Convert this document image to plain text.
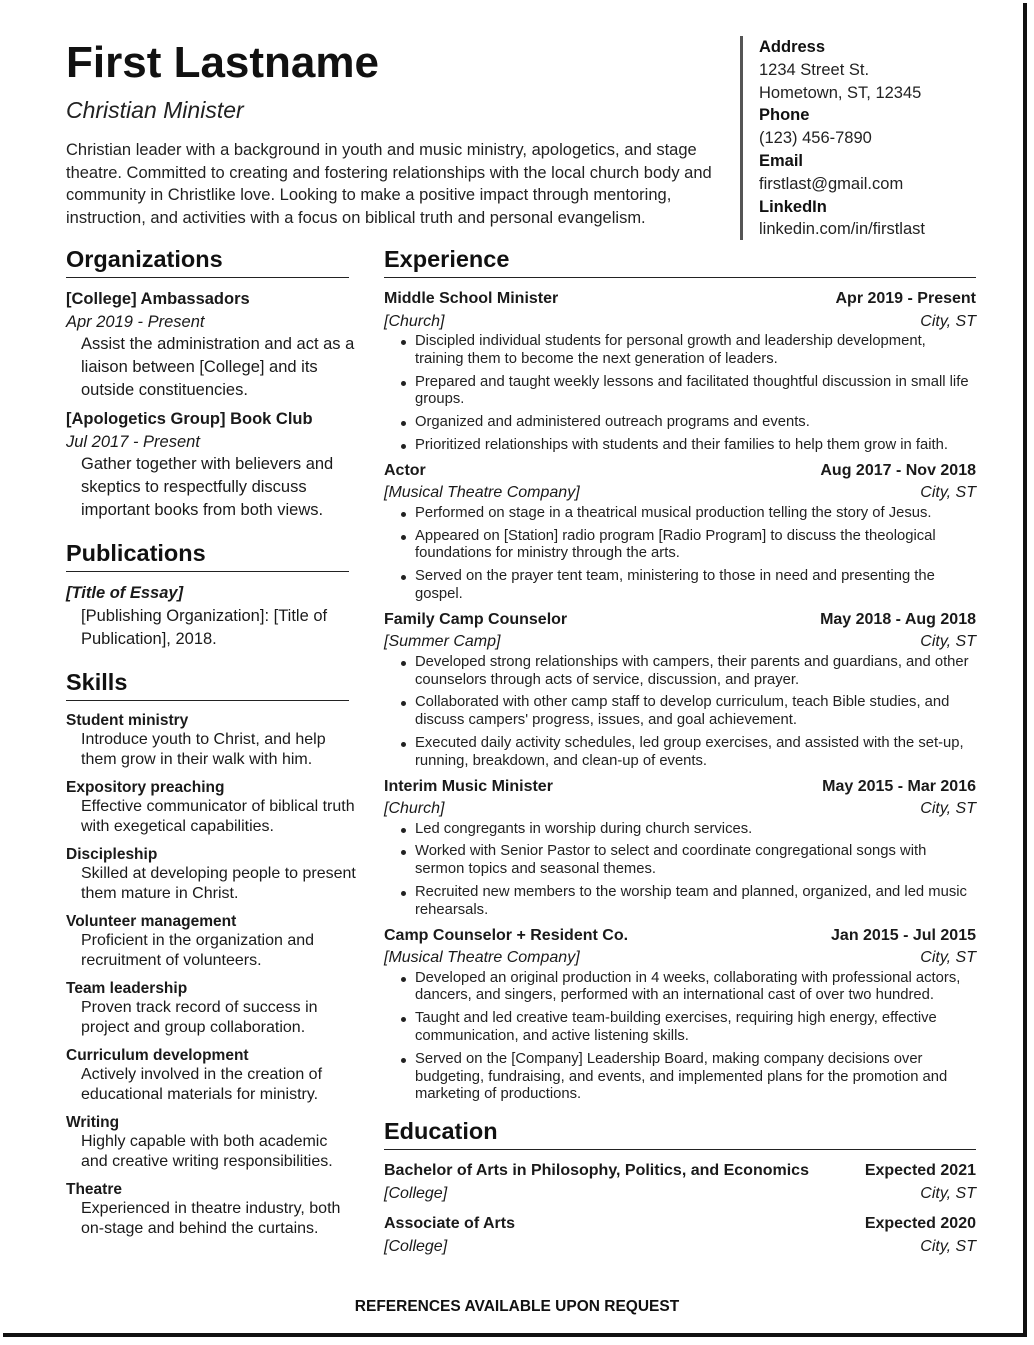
First Lastname
Christian Minister

Christian leader with a background in youth and music ministry, apologetics, and stage theatre. Committed to creating and fostering relationships with the local church body and community in Christlike love. Looking to make a positive impact through mentoring, instruction, and activities with a focus on biblical truth and personal evangelism.

Address
1234 Street St.
Hometown, ST, 12345
Phone
(123) 456-7890
Email
firstlast@gmail.com
LinkedIn
linkedin.com/in/firstlast
Organizations
[College] Ambassadors
Apr 2019 - Present

Assist the administration and act as a liaison between [College] and its outside constituencies.

[Apologetics Group] Book Club
Jul 2017 - Present

Gather together with believers and skeptics to respectfully discuss important books from both views.

Publications
[Title of Essay]

[Publishing Organization]: [Title of Publication], 2018.

Skills
Student ministry

Introduce youth to Christ, and help them grow in their walk with him.

Expository preaching

Effective communicator of biblical truth with exegetical capabilities.

Discipleship

Skilled at developing people to present them mature in Christ.

Volunteer management

Proficient in the organization and recruitment of volunteers.

Team leadership

Proven track record of success in project and group collaboration.

Curriculum development

Actively involved in the creation of educational materials for ministry.

Writing

Highly capable with both academic and creative writing responsibilities.

Theatre

Experienced in theatre industry, both on-stage and behind the curtains.

Experience
Middle School Minister	Apr 2019 - Present
[Church]	City, ST
Discipled individual students for personal growth and leadership development, training them to become the next generation of leaders.
Prepared and taught weekly lessons and facilitated thoughtful discussion in small life groups.
Organized and administered outreach programs and events.
Prioritized relationships with students and their families to help them grow in faith.
Actor	Aug 2017 - Nov 2018
[Musical Theatre Company]	City, ST
Performed on stage in a theatrical musical production telling the story of Jesus.
Appeared on [Station] radio program [Radio Program] to discuss the theological foundations for ministry through the arts.
Served on the prayer tent team, ministering to those in need and presenting the gospel.
Family Camp Counselor	May 2018 - Aug 2018
[Summer Camp]	City, ST
Developed strong relationships with campers, their parents and guardians, and other counselors through acts of service, discussion, and prayer.
Collaborated with other camp staff to develop curriculum, teach Bible studies, and discuss campers' progress, issues, and goal achievement.
Executed daily activity schedules, led group exercises, and assisted with the set-up, running, breakdown, and clean-up of events.
Interim Music Minister	May 2015 - Mar 2016
[Church]	City, ST
Led congregants in worship during church services.
Worked with Senior Pastor to select and coordinate congregational songs with sermon topics and seasonal themes.
Recruited new members to the worship team and planned, organized, and led music rehearsals.
Camp Counselor + Resident Co.	Jan 2015 - Jul 2015
[Musical Theatre Company]	City, ST
Developed an original production in 4 weeks, collaborating with professional actors, dancers, and singers, performed with an international cast of over two hundred.
Taught and led creative team-building exercises, requiring high energy, effective communication, and active listening skills.
Served on the [Company] Leadership Board, making company decisions over budgeting, fundraising, and events, and implemented plans for the promotion and marketing of productions.
Education
Bachelor of Arts in Philosophy, Politics, and Economics	Expected 2021
[College]	City, ST
Associate of Arts	Expected 2020
[College]	City, ST
REFERENCES AVAILABLE UPON REQUEST
